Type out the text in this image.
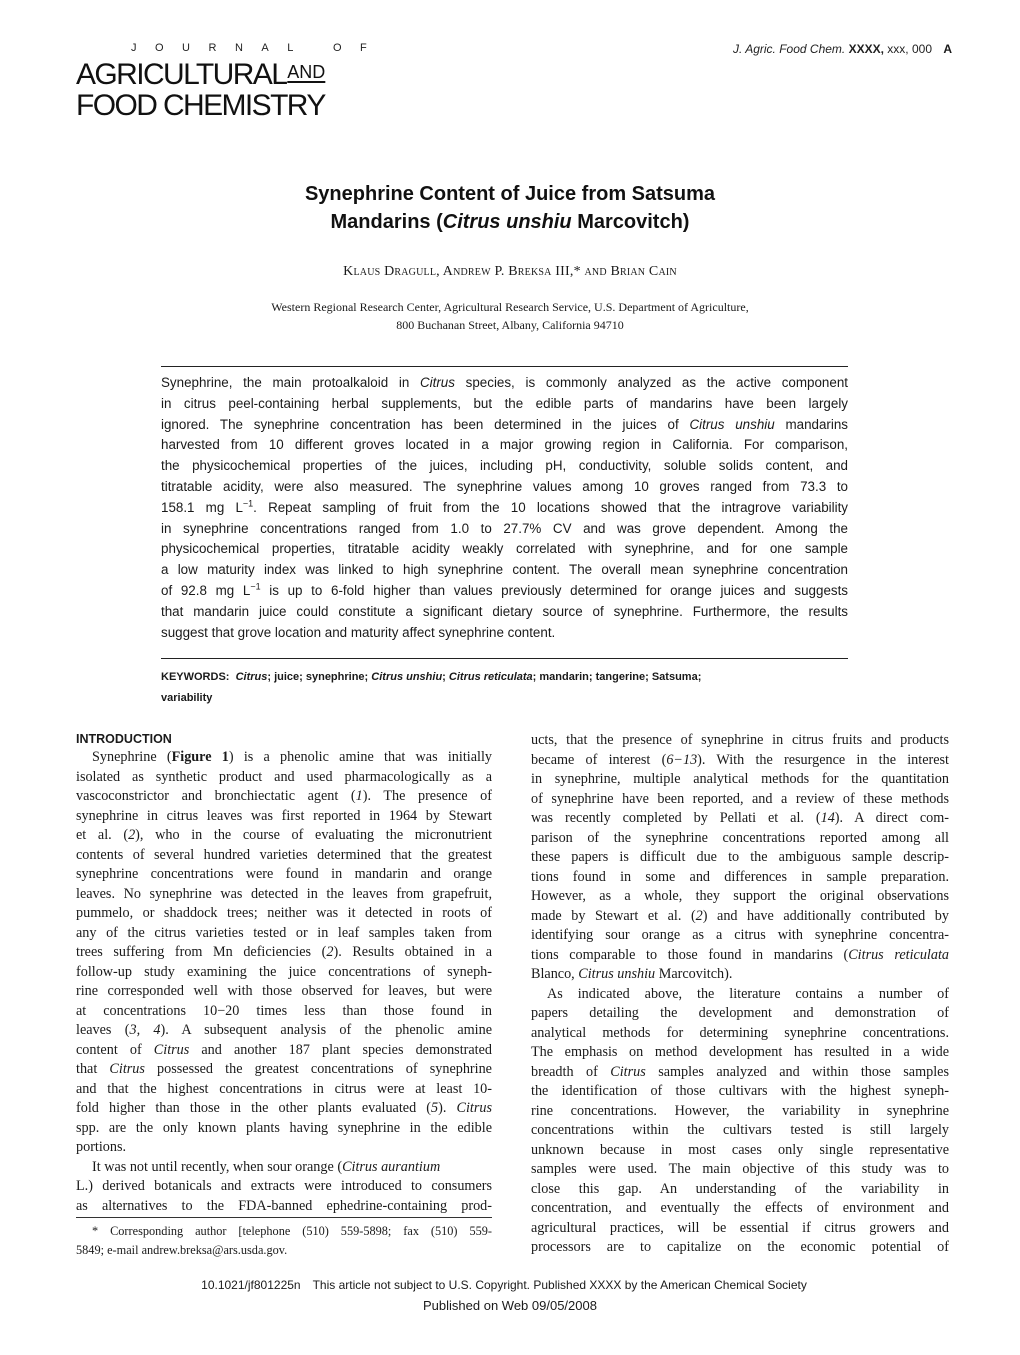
JOURNAL OF
$AGRICULTURAL^{AND}$
FOOD CHEMISTRY
J. Agric. Food Chem. XXXX, xxx, 000 A
Synephrine Content of Juice from Satsuma
Mandarins (Citrus unshiu Marcovitch)
Klaus Dragull, Andrew P. Breksa III,* and Brian Cain
Western Regional Research Center, Agricultural Research Service, U.S. Department of Agriculture,
800 Buchanan Street, Albany, California 94710
Synephrine, the main protoalkaloid in Citrus species, is commonly analyzed as the active component
in citrus peel-containing herbal supplements, but the edible parts of mandarins have been largely
ignored. The synephrine concentration has been determined in the juices of Citrus unshiu mandarins
harvested from 10 different groves located in a major growing region in California. For comparison,
the physicochemical properties of the juices, including pH, conductivity, soluble solids content, and
titratable acidity, were also measured. The synephrine values among 10 groves ranged from 73.3 to
158.1 mg $L^{-1}$. Repeat sampling of fruit from the 10 locations showed that the intragrove variability
in synephrine concentrations ranged from 1.0 to 27.7% CV and was grove dependent. Among the
physicochemical properties, titratable acidity weakly correlated with synephrine, and for one sample
a low maturity index was linked to high synephrine content. The overall mean synephrine concentration
of 92.8 mg $L^{-1}$ is up to 6-fold higher than values previously determined for orange juices and suggests
that mandarin juice could constitute a significant dietary source of synephrine. Furthermore, the results
suggest that grove location and maturity affect synephrine content.
KEYWORDS: Citrus; juice; synephrine; Citrus unshiu; Citrus reticulata; mandarin; tangerine; Satsuma;
variability
INTRODUCTION
Synephrine (Figure 1) is a phenolic amine that was initially
isolated as synthetic product and used pharmacologically as a
vascoconstrictor and bronchiectatic agent (1). The presence of
synephrine in citrus leaves was first reported in 1964 by Stewart
et al. (2), who in the course of evaluating the micronutrient
contents of several hundred varieties determined that the greatest
synephrine concentrations were found in mandarin and orange
leaves. No synephrine was detected in the leaves from grapefruit,
pummelo, or shaddock trees; neither was it detected in roots of
any of the citrus varieties tested or in leaf samples taken from
trees suffering from Mn deficiencies (2). Results obtained in a
follow-up study examining the juice concentrations of syneph-
rine corresponded well with those observed for leaves, but were
at concentrations 10−20 times less than those found in
leaves (3, 4). A subsequent analysis of the phenolic amine
content of Citrus and another 187 plant species demonstrated
that Citrus possessed the greatest concentrations of synephrine
and that the highest concentrations in citrus were at least 10-
fold higher than those in the other plants evaluated (5). Citrus
spp. are the only known plants having synephrine in the edible
portions.
It was not until recently, when sour orange (Citrus aurantium
L.) derived botanicals and extracts were introduced to consumers
as alternatives to the FDA-banned ephedrine-containing prod-
* Corresponding author [telephone (510) 559-5898; fax (510) 559-
5849; e-mail andrew.breksa@ars.usda.gov.
ucts, that the presence of synephrine in citrus fruits and products
became of interest (6−13). With the resurgence in the interest
in synephrine, multiple analytical methods for the quantitation
of synephrine have been reported, and a review of these methods
was recently completed by Pellati et al. (14). A direct com-
parison of the synephrine concentrations reported among all
these papers is difficult due to the ambiguous sample descrip-
tions found in some and differences in sample preparation.
However, as a whole, they support the original observations
made by Stewart et al. (2) and have additionally contributed by
identifying sour orange as a citrus with synephrine concentra-
tions comparable to those found in mandarins (Citrus reticulata
Blanco, Citrus unshiu Marcovitch).
As indicated above, the literature contains a number of
papers detailing the development and demonstration of
analytical methods for determining synephrine concentrations.
The emphasis on method development has resulted in a wide
breadth of Citrus samples analyzed and within those samples
the identification of those cultivars with the highest syneph-
rine concentrations. However, the variability in synephrine
concentrations within the cultivars tested is still largely
unknown because in most cases only single representative
samples were used. The main objective of this study was to
close this gap. An understanding of the variability in
concentration, and eventually the effects of environment and
agricultural practices, will be essential if citrus growers and
processors are to capitalize on the economic potential of
10.1021/jf801225n This article not subject to U.S. Copyright. Published XXXX by the American Chemical Society
Published on Web 09/05/2008
